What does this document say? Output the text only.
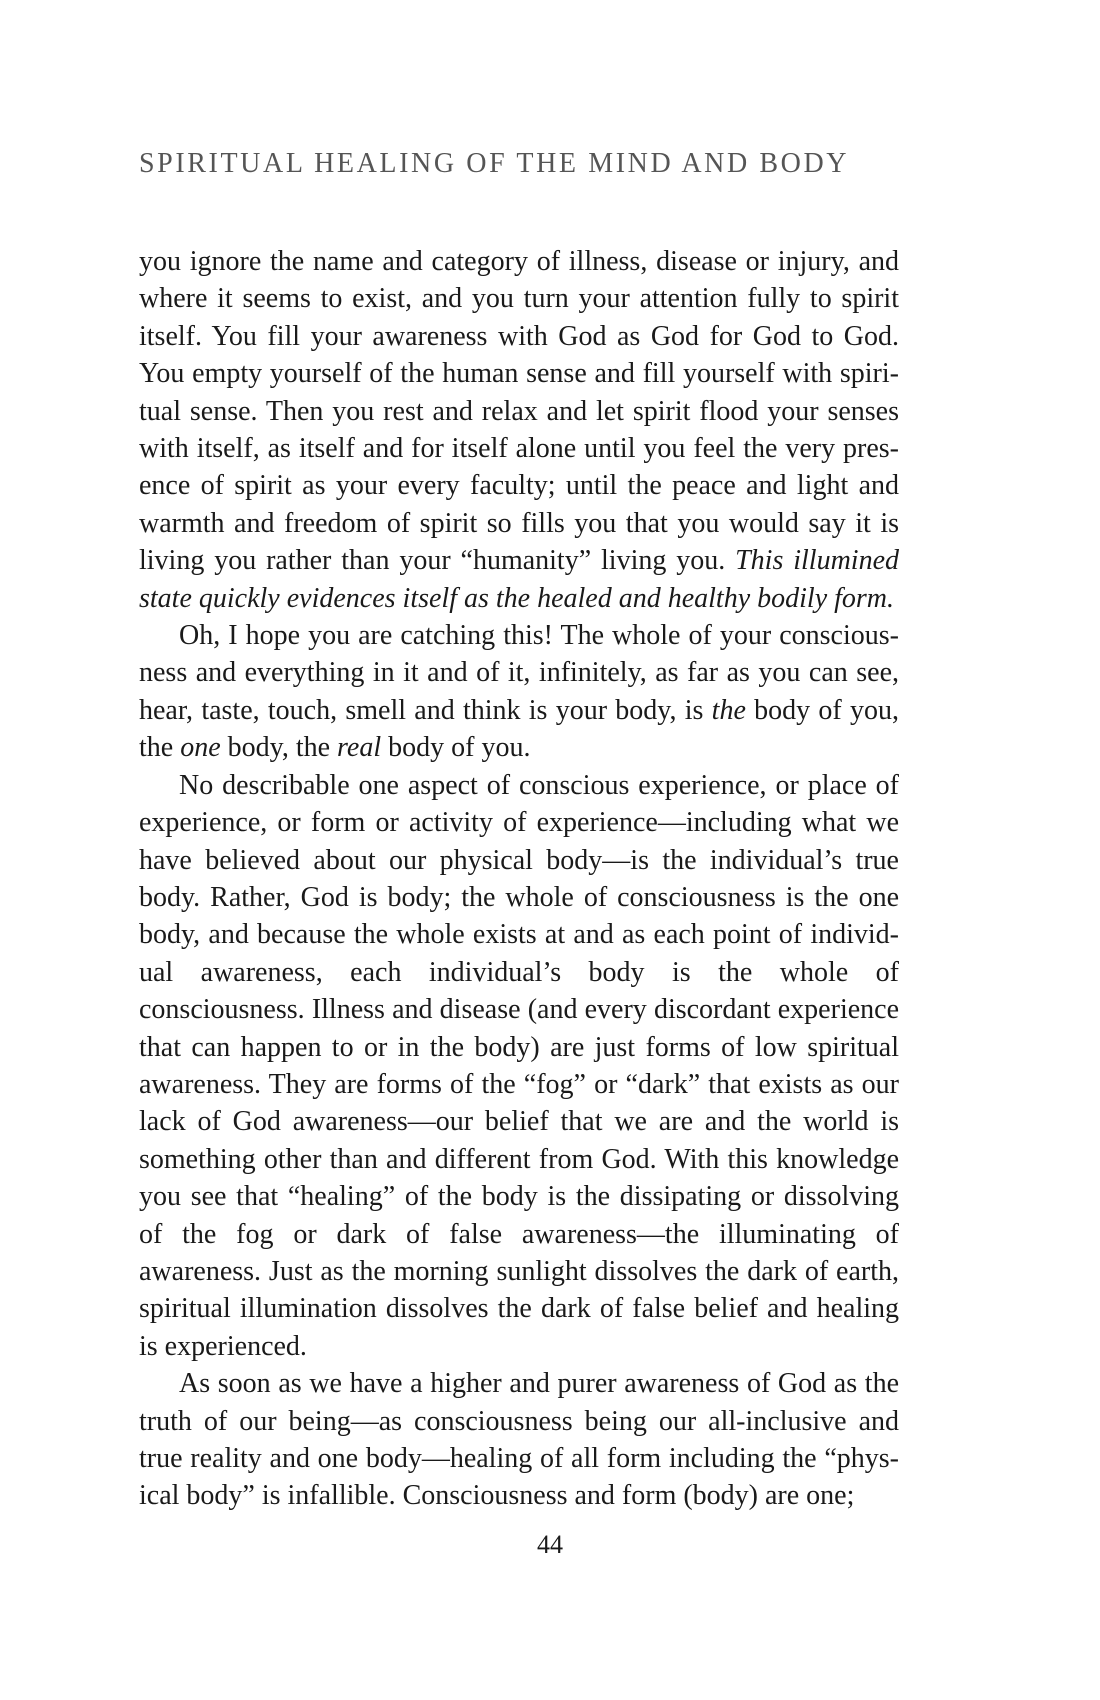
SPIRITUAL HEALING OF THE MIND AND BODY

you ignore the name and category of illness, disease or injury, and where it seems to exist, and you turn your attention fully to spirit itself. You fill your awareness with God as God for God to God. You empty yourself of the human sense and fill yourself with spiritual sense. Then you rest and relax and let spirit flood your senses with itself, as itself and for itself alone until you feel the very presence of spirit as your every faculty; until the peace and light and warmth and freedom of spirit so fills you that you would say it is living you rather than your “humanity” living you. This illumined state quickly evidences itself as the healed and healthy bodily form.

Oh, I hope you are catching this! The whole of your consciousness and everything in it and of it, infinitely, as far as you can see, hear, taste, touch, smell and think is your body, is the body of you, the one body, the real body of you.

No describable one aspect of conscious experience, or place of experience, or form or activity of experience—including what we have believed about our physical body—is the individual’s true body. Rather, God is body; the whole of consciousness is the one body, and because the whole exists at and as each point of individual awareness, each individual’s body is the whole of consciousness. Illness and disease (and every discordant experience that can happen to or in the body) are just forms of low spiritual awareness. They are forms of the “fog” or “dark” that exists as our lack of God awareness—our belief that we are and the world is something other than and different from God. With this knowledge you see that “healing” of the body is the dissipating or dissolving of the fog or dark of false awareness—the illuminating of awareness. Just as the morning sunlight dissolves the dark of earth, spiritual illumination dissolves the dark of false belief and healing is experienced.

As soon as we have a higher and purer awareness of God as the truth of our being—as consciousness being our all-inclusive and true reality and one body—healing of all form including the “physical body” is infallible. Consciousness and form (body) are one;

44
